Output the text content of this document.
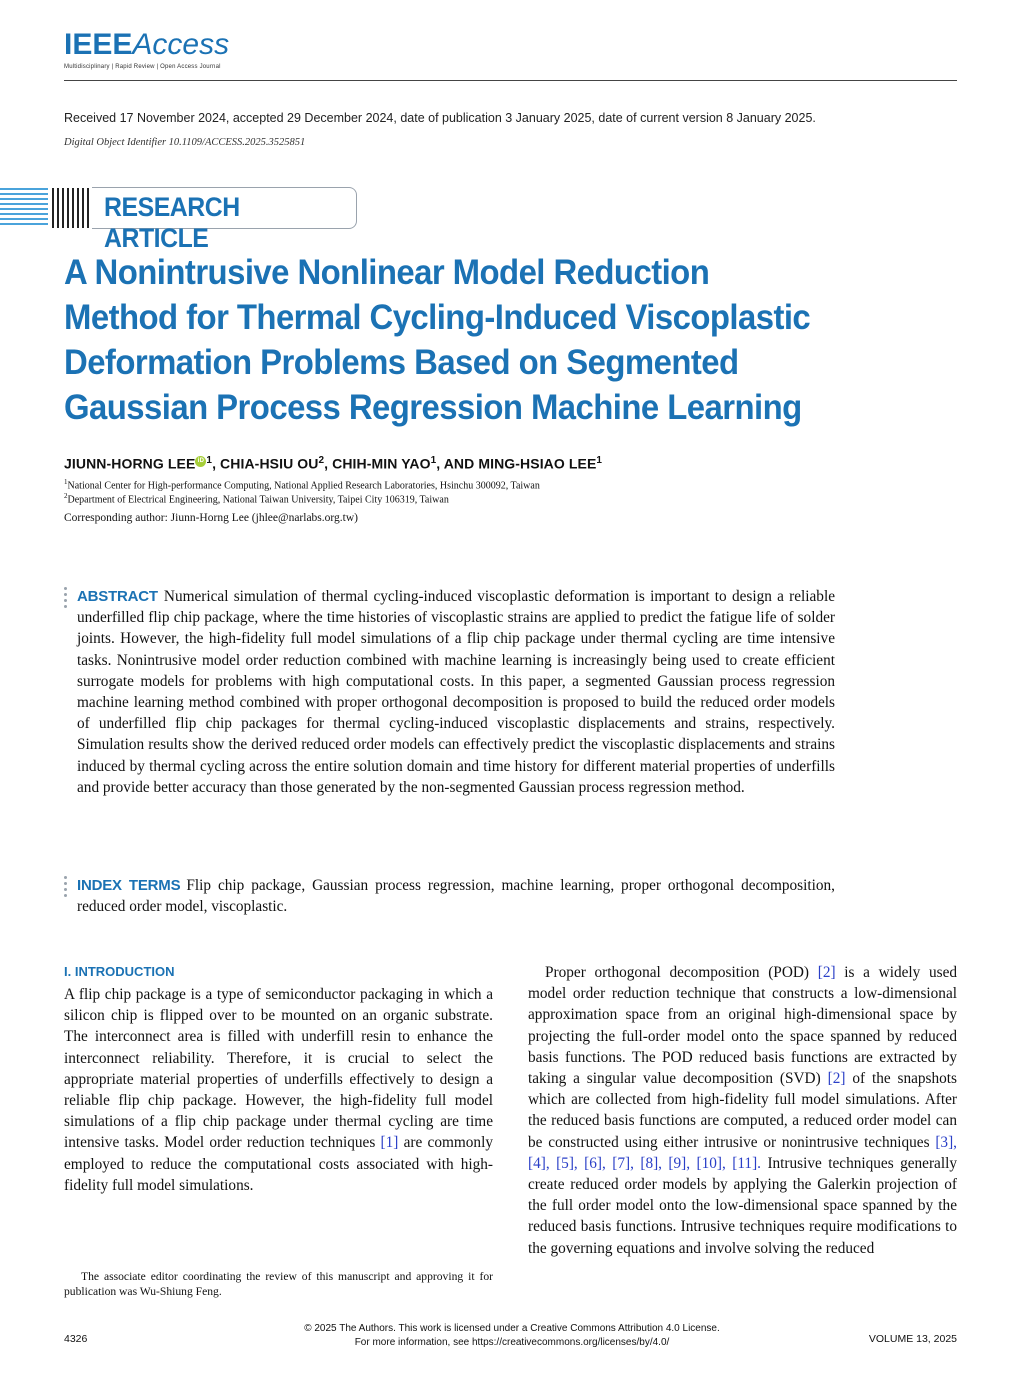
IEEEAccess
Multidisciplinary | Rapid Review | Open Access Journal
Received 17 November 2024, accepted 29 December 2024, date of publication 3 January 2025, date of current version 8 January 2025.
Digital Object Identifier 10.1109/ACCESS.2025.3525851
RESEARCH ARTICLE
A Nonintrusive Nonlinear Model Reduction
Method for Thermal Cycling-Induced Viscoplastic
Deformation Problems Based on Segmented
Gaussian Process Regression Machine Learning
JIUNN-HORNG LEE iD $^1$, CHIA-HSIU $OU^2$, CHIH-MIN YAO$^1$, AND MING-HSIAO LEE$^1$
$^1$National Center for High-performance Computing, National Applied Research Laboratories, Hsinchu 300092, Taiwan
$^2$Department of Electrical Engineering, National Taiwan University, Taipei City 106319, Taiwan
Corresponding author: Jiunn-Horng Lee (jhlee@narlabs.org.tw)
ABSTRACT Numerical simulation of thermal cycling-induced viscoplastic deformation is important to design a reliable underfilled flip chip package, where the time histories of viscoplastic strains are applied to predict the fatigue life of solder joints. However, the high-fidelity full model simulations of a flip chip package under thermal cycling are time intensive tasks. Nonintrusive model order reduction combined with machine learning is increasingly being used to create efficient surrogate models for problems with high computational costs. In this paper, a segmented Gaussian process regression machine learning method combined with proper orthogonal decomposition is proposed to build the reduced order models of underfilled flip chip packages for thermal cycling-induced viscoplastic displacements and strains, respectively. Simulation results show the derived reduced order models can effectively predict the viscoplastic displacements and strains induced by thermal cycling across the entire solution domain and time history for different material properties of underfills and provide better accuracy than those generated by the non-segmented Gaussian process regression method.
INDEX TERMS Flip chip package, Gaussian process regression, machine learning, proper orthogonal decomposition, reduced order model, viscoplastic.
I. INTRODUCTION

A flip chip package is a type of semiconductor packaging in which a silicon chip is flipped over to be mounted on an organic substrate. The interconnect area is filled with underfill resin to enhance the interconnect reliability. Therefore, it is crucial to select the appropriate material properties of underfills effectively to design a reliable flip chip package. However, the high-fidelity full model simulations of a flip chip package under thermal cycling are time intensive tasks. Model order reduction techniques [1] are commonly employed to reduce the computational costs associated with high-fidelity full model simulations.

The associate editor coordinating the review of this manuscript and approving it for publication was Wu-Shiung Feng.

Proper orthogonal decomposition (POD) [2] is a widely used model order reduction technique that constructs a low-dimensional approximation space from an original high-dimensional space by projecting the full-order model onto the space spanned by reduced basis functions. The POD reduced basis functions are extracted by taking a singular value decomposition (SVD) [2] of the snapshots which are collected from high-fidelity full model simulations. After the reduced basis functions are computed, a reduced order model can be constructed using either intrusive or nonintrusive techniques [3], [4], [5], [6], [7], [8], [9], [10], [11]. Intrusive techniques generally create reduced order models by applying the Galerkin projection of the full order model onto the low-dimensional space spanned by the reduced basis functions. Intrusive techniques require modifications to the governing equations and involve solving the reduced

4326
© 2025 The Authors. This work is licensed under a Creative Commons Attribution 4.0 License.
For more information, see https://creativecommons.org/licenses/by/4.0/	VOLUME 13, 2025
